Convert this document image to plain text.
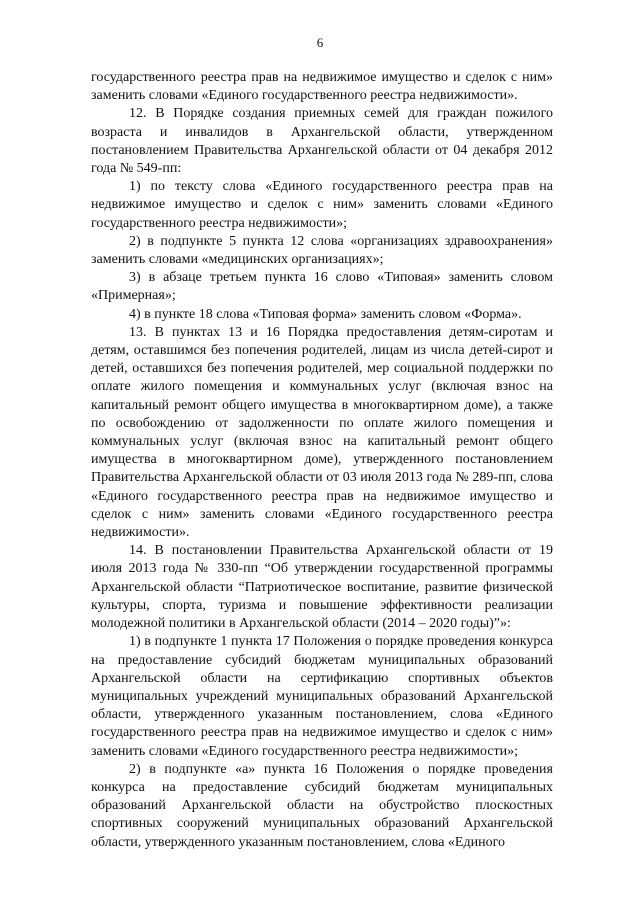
6

государственного реестра прав на недвижимое имущество и сделок с ним» заменить словами «Единого государственного реестра недвижимости».

12. В Порядке создания приемных семей для граждан пожилого возраста и инвалидов в Архангельской области, утвержденном постановлением Правительства Архангельской области от 04 декабря 2012 года № 549-пп:

1) по тексту слова «Единого государственного реестра прав на недвижимое имущество и сделок с ним» заменить словами «Единого государственного реестра недвижимости»;

2) в подпункте 5 пункта 12 слова «организациях здравоохранения» заменить словами «медицинских организациях»;

3) в абзаце третьем пункта 16 слово «Типовая» заменить словом «Примерная»;

4) в пункте 18 слова «Типовая форма» заменить словом «Форма».

13. В пунктах 13 и 16 Порядка предоставления детям-сиротам и детям, оставшимся без попечения родителей, лицам из числа детей-сирот и детей, оставшихся без попечения родителей, мер социальной поддержки по оплате жилого помещения и коммунальных услуг (включая взнос на капитальный ремонт общего имущества в многоквартирном доме), а также по освобождению от задолженности по оплате жилого помещения и коммунальных услуг (включая взнос на капитальный ремонт общего имущества в многоквартирном доме), утвержденного постановлением Правительства Архангельской области от 03 июля 2013 года № 289-пп, слова «Единого государственного реестра прав на недвижимое имущество и сделок с ним» заменить словами «Единого государственного реестра недвижимости».

14. В постановлении Правительства Архангельской области от 19 июля 2013 года № 330-пп “Об утверждении государственной программы Архангельской области “Патриотическое воспитание, развитие физической культуры, спорта, туризма и повышение эффективности реализации молодежной политики в Архангельской области (2014 – 2020 годы)”»:

1) в подпункте 1 пункта 17 Положения о порядке проведения конкурса на предоставление субсидий бюджетам муниципальных образований Архангельской области на сертификацию спортивных объектов муниципальных учреждений муниципальных образований Архангельской области, утвержденного указанным постановлением, слова «Единого государственного реестра прав на недвижимое имущество и сделок с ним» заменить словами «Единого государственного реестра недвижимости»;

2) в подпункте «а» пункта 16 Положения о порядке проведения конкурса на предоставление субсидий бюджетам муниципальных образований Архангельской области на обустройство плоскостных спортивных сооружений муниципальных образований Архангельской области, утвержденного указанным постановлением, слова «Единого
